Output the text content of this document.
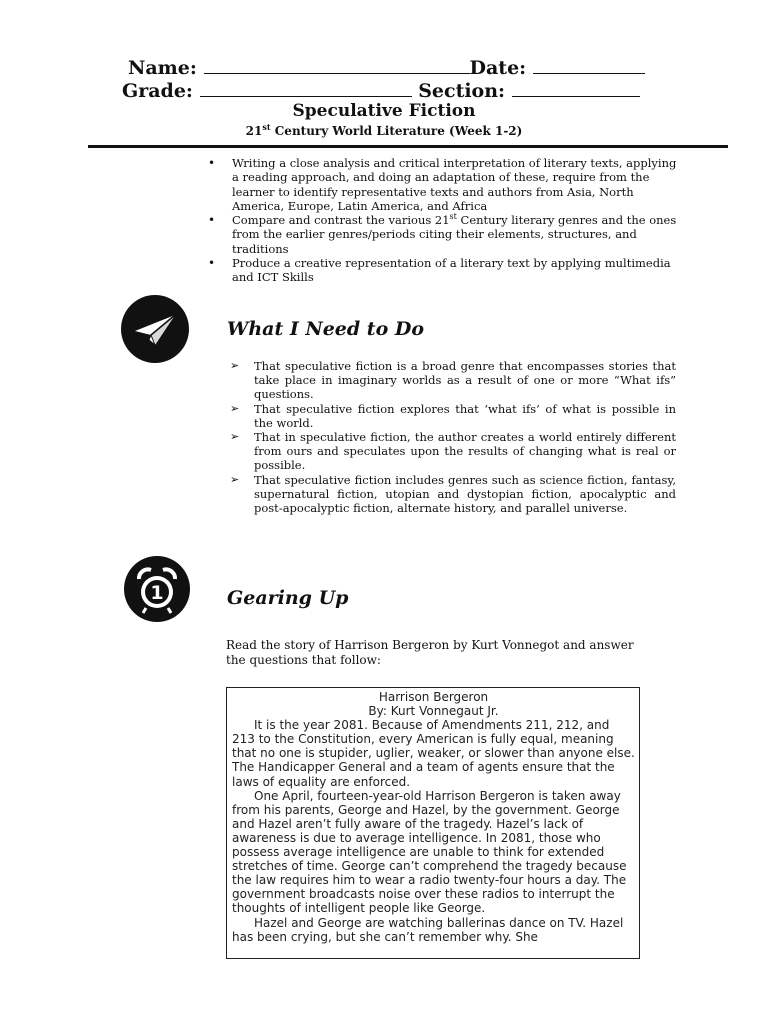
Name:	Date:
Grade:	Section:
Speculative Fiction
21st Century World Literature (Week 1-2)
• Writing a close analysis and critical interpretation of literary texts, applying a reading approach, and doing an adaptation of these, require from the learner to identify representative texts and authors from Asia, North America, Europe, Latin America, and Africa
• Compare and contrast the various 21st Century literary genres and the ones from the earlier genres/periods citing their elements, structures, and traditions
• Produce a creative representation of a literary text by applying multimedia and ICT Skills
What I Need to Do
➢ That speculative fiction is a broad genre that encompasses stories that take place in imaginary worlds as a result of one or more “What ifs” questions.
➢ That speculative fiction explores that ‘what ifs’ of what is possible in the world.
➢ That in speculative fiction, the author creates a world entirely different from ours and speculates upon the results of changing what is real or possible.
➢ That speculative fiction includes genres such as science fiction, fantasy, supernatural fiction, utopian and dystopian fiction, apocalyptic and post-apocalyptic fiction, alternate history, and parallel universe.
1	Gearing Up
Read the story of Harrison Bergeron by Kurt Vonnegot and answer the questions that follow:
Harrison Bergeron
By: Kurt Vonnegaut Jr.

It is the year 2081. Because of Amendments 211, 212, and 213 to the Constitution, every American is fully equal, meaning that no one is stupider, uglier, weaker, or slower than anyone else. The Handicapper General and a team of agents ensure that the laws of equality are enforced.

One April, fourteen-year-old Harrison Bergeron is taken away from his parents, George and Hazel, by the government. George and Hazel aren’t fully aware of the tragedy. Hazel’s lack of awareness is due to average intelligence. In 2081, those who possess average intelligence are unable to think for extended stretches of time. George can’t comprehend the tragedy because the law requires him to wear a radio twenty-four hours a day. The government broadcasts noise over these radios to interrupt the thoughts of intelligent people like George.

Hazel and George are watching ballerinas dance on TV. Hazel has been crying, but she can’t remember why. She
